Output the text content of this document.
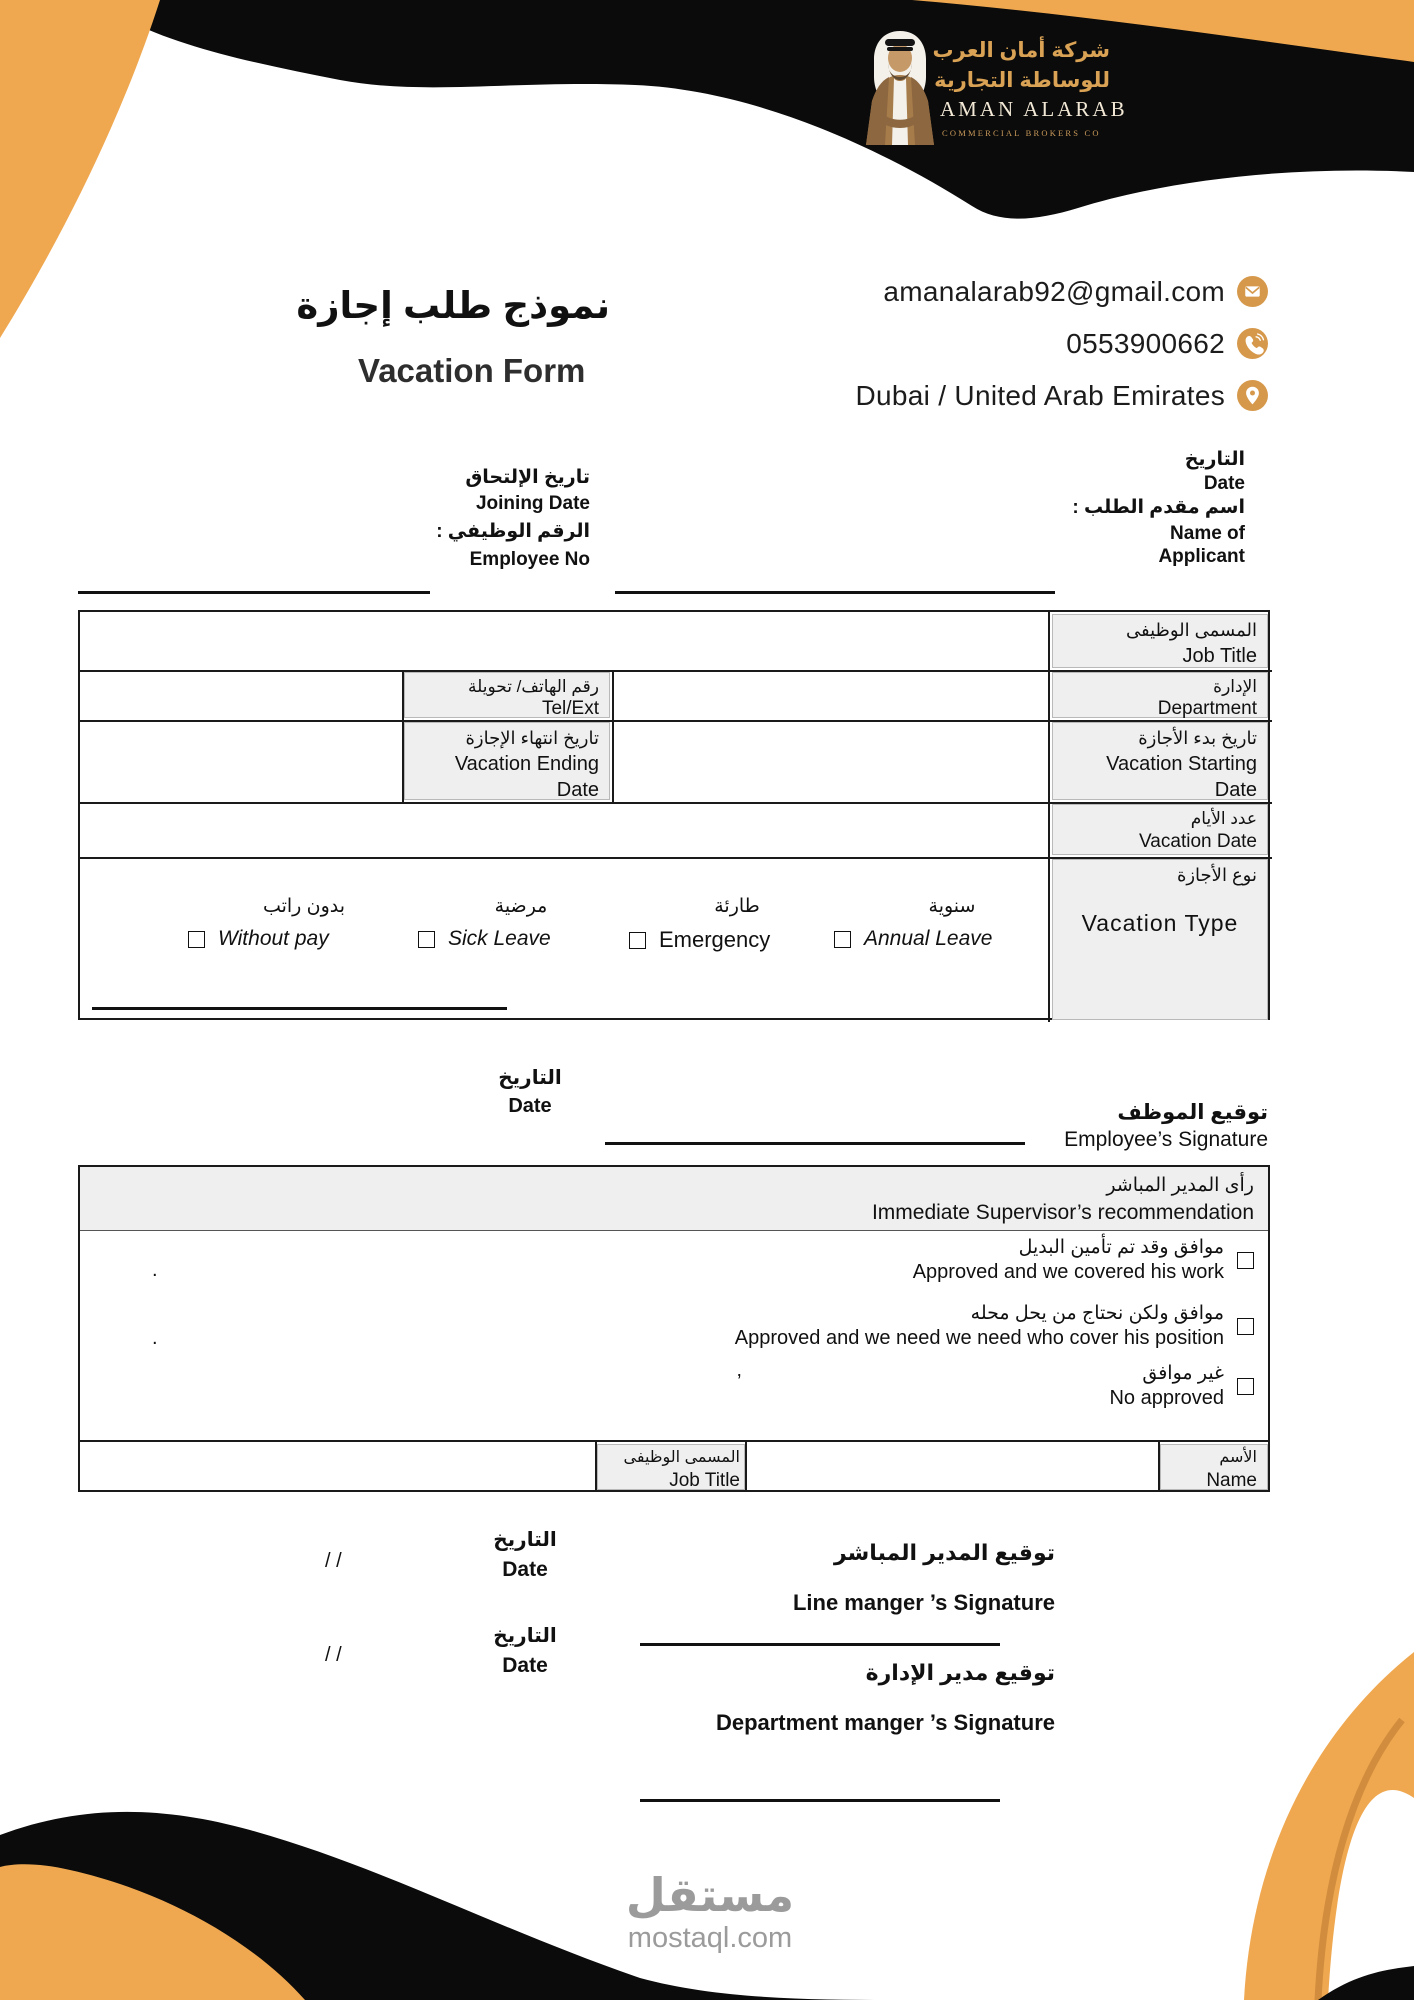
شركة أمان العرب
للوساطة التجارية
AMAN ALARAB
COMMERCIAL BROKERS CO
نموذج طلب إجازة
Vacation Form
amanalarab92@gmail.com
0553900662
Dubai / United Arab Emirates
التاريخ
Date
اسم مقدم الطلب :
Name of
Applicant
تاريخ الإلتحاق
Joining Date
الرقم الوظيفي :
Employee No
المسمى الوظيفى
Job Title
الإدارة
Department
تاريخ بدء الأجازة
Vacation Starting Date
عدد الأيام
Vacation Date
نوع الأجازة
Vacation Type
رقم الهاتف/ تحويلة
Tel/Ext
تاريخ انتهاء الإجازة
Vacation Ending Date
بدون راتب
Without pay
مرضية
Sick Leave
طارئة
Emergency
سنوية
Annual Leave
التاريخ
Date	توقيع الموظف
Employee’s Signature
رأى المدير المباشر
Immediate Supervisor’s recommendation
موافق وقد تم تأمين البديل
Approved and we covered his work
موافق ولكن نحتاج من يحل محله
Approved and we need we need who cover his position
غير موافق
No approved
.
.
’
المسمى الوظيفى
Job Title
الأسم
Name
التاريخ
Date
/ /	توقيع المدير المباشر
Line manger ’s Signature
التاريخ
Date
/ /
توقيع مدير الإدارة
Department manger ’s Signature
مستقل
mostaql.com
